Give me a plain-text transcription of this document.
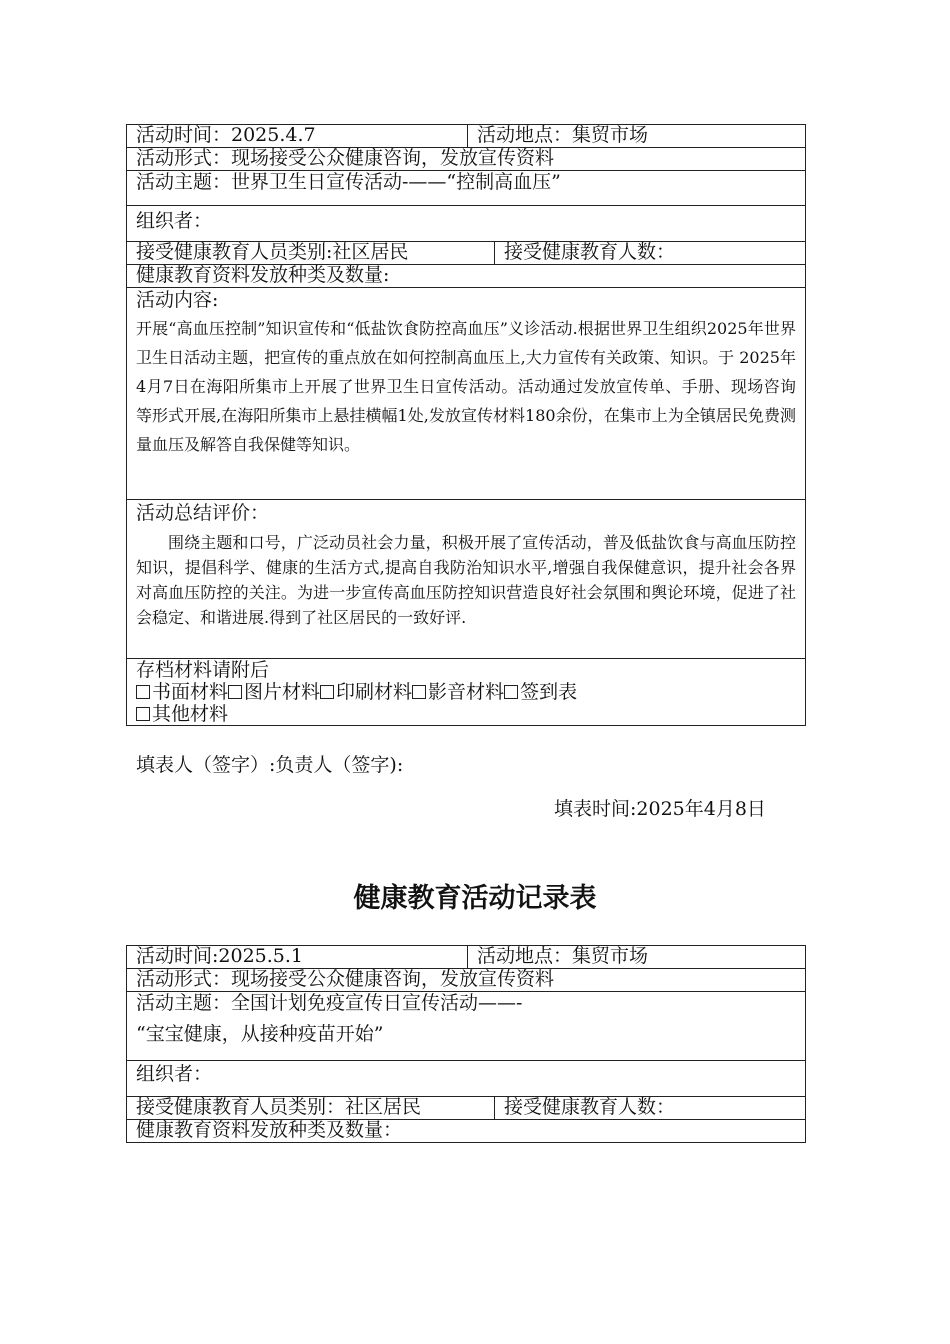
活动时间：2025.4.7	活动地点：集贸市场
活动形式：现场接受公众健康咨询，发放宣传资料
活动主题：世界卫生日宣传活动-——“控制高血压”
组织者：
接受健康教育人员类别:社区居民	接受健康教育人数：
健康教育资料发放种类及数量:
活动内容:
开展“高血压控制”知识宣传和“低盐饮食防控高血压”义诊活动.根据世界卫生组织2025年世界卫生日活动主题，把宣传的重点放在如何控制高血压上,大力宣传有关政策、知识。于 2025年4月7日在海阳所集市上开展了世界卫生日宣传活动。活动通过发放宣传单、手册、现场咨询等形式开展,在海阳所集市上悬挂横幅1处,发放宣传材料180余份，在集市上为全镇居民免费测量血压及解答自我保健等知识。
活动总结评价：
围绕主题和口号，广泛动员社会力量，积极开展了宣传活动，普及低盐饮食与高血压防控知识，提倡科学、健康的生活方式,提高自我防治知识水平,增强自我保健意识，提升社会各界对高血压防控的关注。为进一步宣传高血压防控知识营造良好社会氛围和舆论环境，促进了社会稳定、和谐进展.得到了社区居民的一致好评.
存档材料请附后
书面材料 图片材料 印刷材料 影音材料 签到表
其他材料
填表人（签字）:负责人（签字):
填表时间:2025年4月8日
健康教育活动记录表
活动时间:2025.5.1	活动地点：集贸市场
活动形式：现场接受公众健康咨询，发放宣传资料
活动主题：全国计划免疫宣传日宣传活动——-
“宝宝健康，从接种疫苗开始”
组织者：
接受健康教育人员类别：社区居民	接受健康教育人数：
健康教育资料发放种类及数量：
